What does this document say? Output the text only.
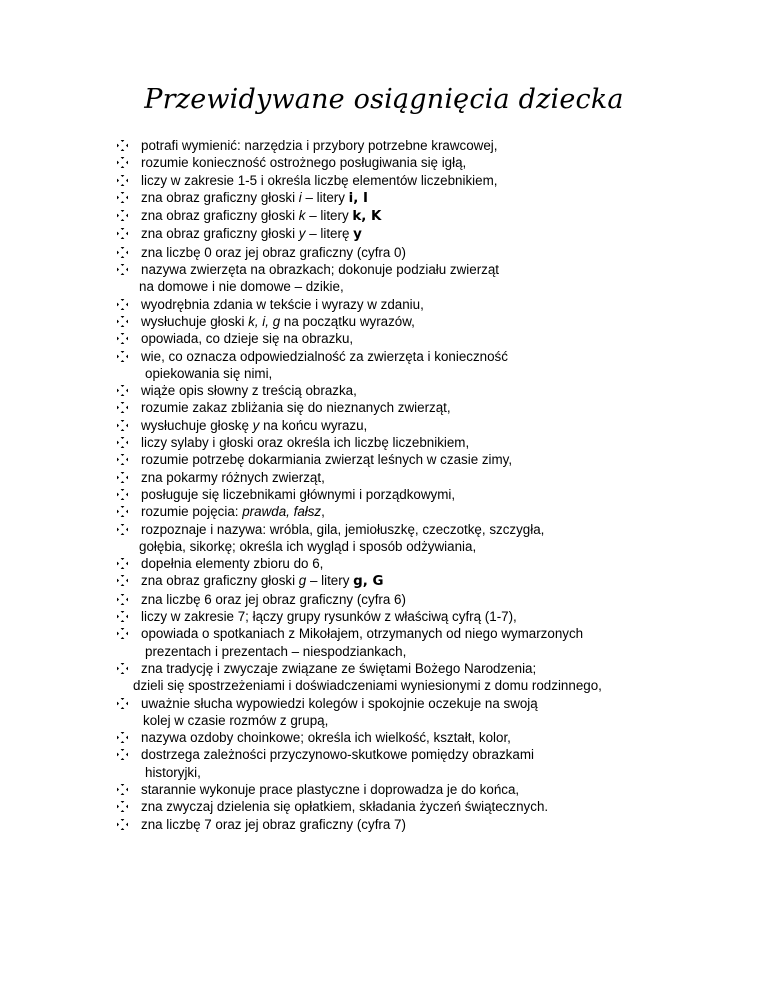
Przewidywane osiągnięcia dziecka
potrafi wymienić: narzędzia i przybory potrzebne krawcowej,
rozumie konieczność ostrożnego posługiwania się igłą,
liczy w zakresie 1-5 i określa liczbę elementów liczebnikiem,
zna obraz graficzny głoski i – litery i, I
zna obraz graficzny głoski k – litery k, K
zna obraz graficzny głoski y – literę y
zna liczbę 0 oraz jej obraz graficzny (cyfra 0)
nazywa zwierzęta na obrazkach; dokonuje podziału zwierząt
na domowe i nie domowe – dzikie,
wyodrębnia zdania w tekście i wyrazy w zdaniu,
wysłuchuje głoski k, i, g na początku wyrazów,
opowiada, co dzieje się na obrazku,
wie, co oznacza odpowiedzialność za zwierzęta i konieczność
opiekowania się nimi,
wiąże opis słowny z treścią obrazka,
rozumie zakaz zbliżania się do nieznanych zwierząt,
wysłuchuje głoskę y na końcu wyrazu,
liczy sylaby i głoski oraz określa ich liczbę liczebnikiem,
rozumie potrzebę dokarmiania zwierząt leśnych w czasie zimy,
zna pokarmy różnych zwierząt,
posługuje się liczebnikami głównymi i porządkowymi,
rozumie pojęcia: prawda, fałsz,
rozpoznaje i nazywa: wróbla, gila, jemiołuszkę, czeczotkę, szczygła,
gołębia, sikorkę; określa ich wygląd i sposób odżywiania,
dopełnia elementy zbioru do 6,
zna obraz graficzny głoski g – litery g, G
zna liczbę 6 oraz jej obraz graficzny (cyfra 6)
liczy w zakresie 7; łączy grupy rysunków z właściwą cyfrą (1-7),
opowiada o spotkaniach z Mikołajem, otrzymanych od niego wymarzonych
prezentach i prezentach – niespodziankach,
zna tradycję i zwyczaje związane ze świętami Bożego Narodzenia;
dzieli się spostrzeżeniami i doświadczeniami wyniesionymi z domu rodzinnego,
uważnie słucha wypowiedzi kolegów i spokojnie oczekuje na swoją
kolej w czasie rozmów z grupą,
nazywa ozdoby choinkowe; określa ich wielkość, kształt, kolor,
dostrzega zależności przyczynowo-skutkowe pomiędzy obrazkami
historyjki,
starannie wykonuje prace plastyczne i doprowadza je do końca,
zna zwyczaj dzielenia się opłatkiem, składania życzeń świątecznych.
zna liczbę 7 oraz jej obraz graficzny (cyfra 7)
